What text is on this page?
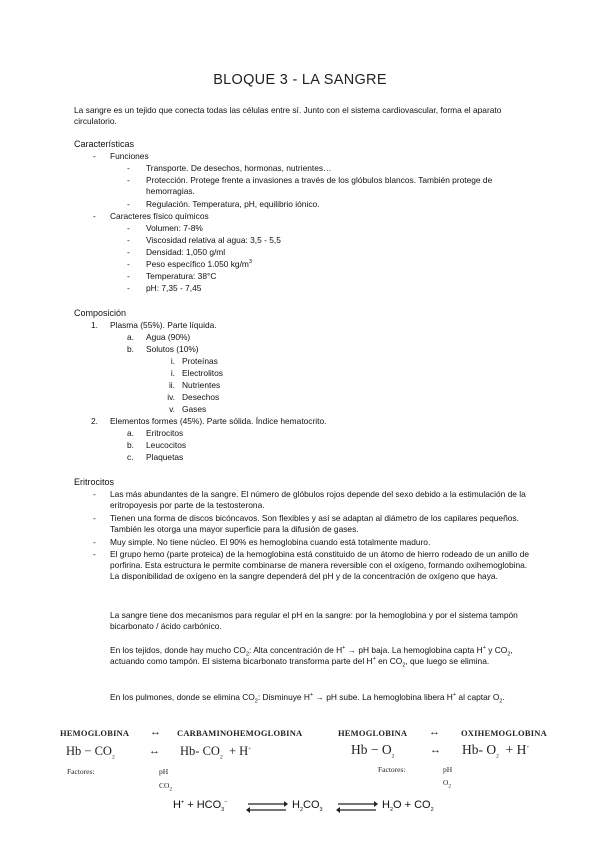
BLOQUE 3 - LA SANGRE
La sangre es un tejido que conecta todas las células entre sí. Junto con el sistema cardiovascular, forma el aparato circulatorio.
Características
- Funciones
- Transporte. De desechos, hormonas, nutrientes…
- Protección. Protege frente a invasiones a través de los glóbulos blancos. También protege de hemorragias.
- Regulación. Temperatura, pH, equilibrio iónico.
- Caracteres físico químicos
- Volumen: 7-8%
- Viscosidad relativa al agua: 3,5 - 5,5
- Densidad: 1,050 g/ml
- Peso específico 1.050 $kg/m^3$
- Temperatura: 38°C
- pH: 7,35 - 7,45
Composición
1. Plasma (55%). Parte líquida.
a. Agua (90%)
b. Solutos (10%)
i. Proteínas
i. Electrolitos
ii. Nutrientes
iv. Desechos
v. Gases
2. Elementos formes (45%). Parte sólida. Índice hematocrito.
a. Eritrocitos
b. Leucocitos
c. Plaquetas
Eritrocitos
- Las más abundantes de la sangre. El número de glóbulos rojos depende del sexo debido a la estimulación de la eritropoyesis por parte de la testosterona.
- Tienen una forma de discos bicóncavos. Son flexibles y así se adaptan al diámetro de los capilares pequeños. También les otorga una mayor superficie para la difusión de gases.
- Muy simple. No tiene núcleo. El 90% es hemoglobina cuando está totalmente maduro.
- El grupo hemo (parte proteica) de la hemoglobina está constituido de un átomo de hierro rodeado de un anillo de porfirina. Esta estructura le permite combinarse de manera reversible con el oxígeno, formando oxihemoglobina. La disponibilidad de oxígeno en la sangre dependerá del pH y de la concentración de oxígeno que haya.
La sangre tiene dos mecanismos para regular el pH en la sangre: por la hemoglobina y por el sistema tampón bicarbonato / ácido carbónico.
En los tejidos, donde hay mucho $CO_2$: Alta concentración de H+ → pH baja. La hemoglobina capta H+ y $CO_2$, actuando como tampón. El sistema bicarbonato transforma parte del H+ en $CO_2$, que luego se elimina.
En los pulmones, donde se elimina $CO_2$: Disminuye H+ → pH sube. La hemoglobina libera H+ al captar $O_2$.
HEMOGLOBINA ↔ CARBAMINOHEMOGLOBINA
$Hb - CO_2$
↔ Hb- $CO_2 + H^+$
Factores:	pH
$CO_2$
HEMOGLOBINA ↔ OXIHEMOGLOBINA
$Hb - O_2$
↔ Hb- $O_2 + H^+$
Factores:	pH
$O_2$
$H^+ + HCO_3^-$ ⇌ $H_2CO_3$ ⇌ $H_2O + CO_2$
